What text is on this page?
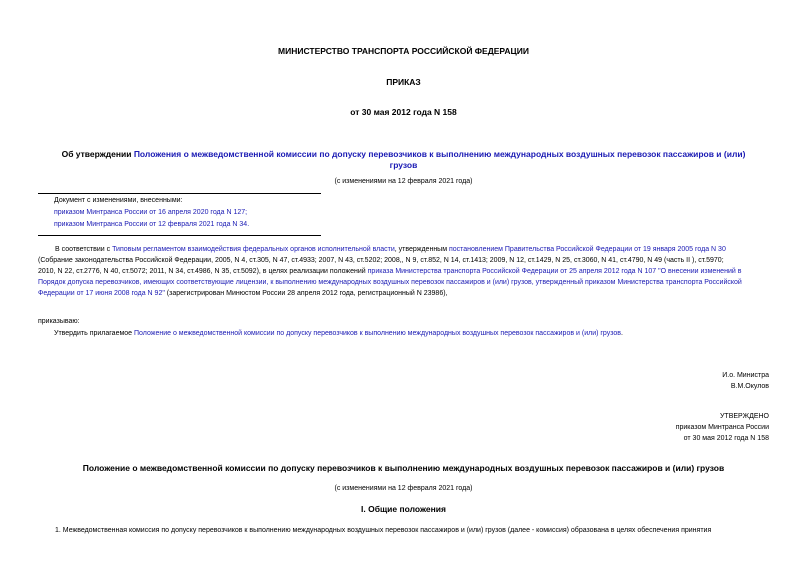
МИНИСТЕРСТВО ТРАНСПОРТА РОССИЙСКОЙ ФЕДЕРАЦИИ
ПРИКАЗ
от 30 мая 2012 года N 158
Об утверждении Положения о межведомственной комиссии по допуску перевозчиков к выполнению международных воздушных перевозок пассажиров и (или)
грузов
(с изменениями на 12 февраля 2021 года)
Документ с изменениями, внесенными:
приказом Минтранса России от 16 апреля 2020 года N 127;
приказом Минтранса России от 12 февраля 2021 года N 34.
В соответствии с Типовым регламентом взаимодействия федеральных органов исполнительной власти, утвержденным постановлением Правительства Российской Федерации от 19 января 2005 года N 30
(Собрание законодательства Российской Федерации, 2005, N 4, ст.305, N 47, ст.4933; 2007, N 43, ст.5202; 2008,, N 9, ст.852, N 14, ст.1413; 2009, N 12, ст.1429, N 25, ст.3060, N 41, ст.4790, N 49 (часть II ), ст.5970;
2010, N 22, ст.2776, N 40, ст.5072; 2011, N 34, ст.4986, N 35, ст.5092), в целях реализации положений приказа Министерства транспорта Российской Федерации от 25 апреля 2012 года N 107 "О внесении изменений в
Порядок допуска перевозчиков, имеющих соответствующие лицензии, к выполнению международных воздушных перевозок пассажиров и (или) грузов, утвержденный приказом Министерства транспорта Российской
Федерации от 17 июня 2008 года N 92" (зарегистрирован Минюстом России 28 апреля 2012 года, регистрационный N 23986),
приказываю:
Утвердить прилагаемое Положение о межведомственной комиссии по допуску перевозчиков к выполнению международных воздушных перевозок пассажиров и (или) грузов.
И.о. Министра
В.М.Окулов
УТВЕРЖДЕНО
приказом Минтранса России
от 30 мая 2012 года N 158
Положение о межведомственной комиссии по допуску перевозчиков к выполнению международных воздушных перевозок пассажиров и (или) грузов
(с изменениями на 12 февраля 2021 года)
I. Общие положения
1. Межведомственная комиссия по допуску перевозчиков к выполнению международных воздушных перевозок пассажиров и (или) грузов (далее - комиссия) образована в целях обеспечения принятия
